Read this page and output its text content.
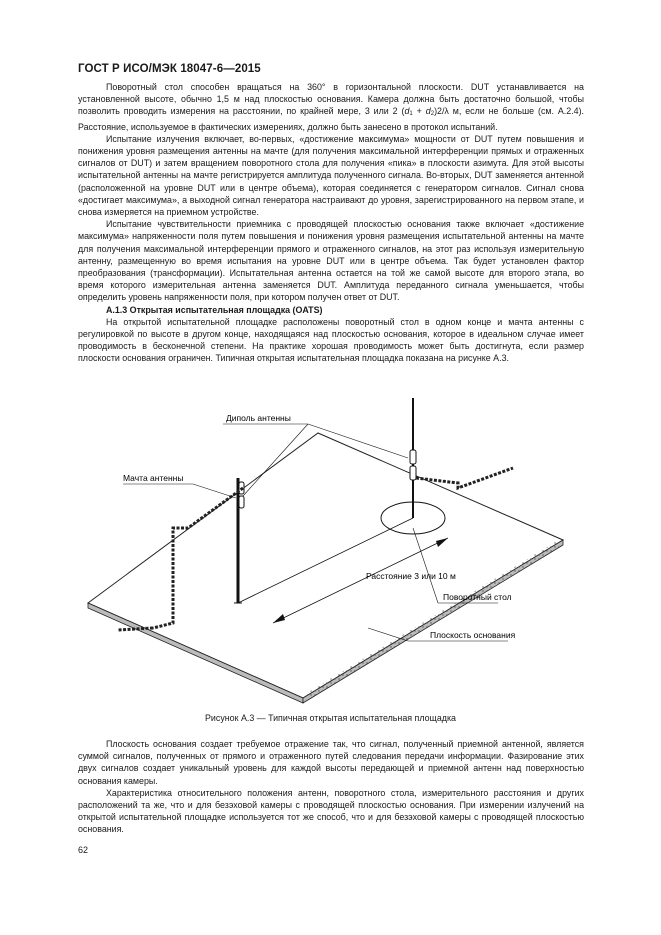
ГОСТ Р ИСО/МЭК 18047-6—2015

Поворотный стол способен вращаться на 360° в горизонтальной плоскости. DUT устанавливается на установленной высоте, обычно 1,5 м над плоскостью основания. Камера должна быть достаточно большой, чтобы позволить проводить измерения на расстоянии, по крайней мере, 3 или 2 (d1 + d2)2/λ м, если не больше (см. А.2.4). Расстояние, используемое в фактических измерениях, должно быть занесено в протокол испытаний.

Испытание излучения включает, во-первых, «достижение максимума» мощности от DUT путем повышения и понижения уровня размещения антенны на мачте (для получения максимальной интерференции прямых и отраженных сигналов от DUT) и затем вращением поворотного стола для получения «пика» в плоскости азимута. Для этой высоты испытательной антенны на мачте регистрируется амплитуда полученного сигнала. Во-вторых, DUT заменяется антенной (расположенной на уровне DUT или в центре объема), которая соединяется с генератором сигналов. Сигнал снова «достигает максимума», а выходной сигнал генератора настраивают до уровня, зарегистрированного на первом этапе, и снова измеряется на приемном устройстве.

Испытание чувствительности приемника с проводящей плоскостью основания также включает «достижение максимума» напряженности поля путем повышения и понижения уровня размещения испытательной антенны на мачте для получения максимальной интерференции прямого и отраженного сигналов, на этот раз используя измерительную антенну, размещенную во время испытания на уровне DUT или в центре объема. Так будет установлен фактор преобразования (трансформации). Испытательная антенна остается на той же самой высоте для второго этапа, во время которого измерительная антенна заменяется DUT. Амплитуда переданного сигнала уменьшается, чтобы определить уровень напряженности поля, при котором получен ответ от DUT.

А.1.3 Открытая испытательная площадка (OATS)

На открытой испытательной площадке расположены поворотный стол в одном конце и мачта антенны с регулировкой по высоте в другом конце, находящаяся над плоскостью основания, которое в идеальном случае имеет проводимость в бесконечной степени. На практике хорошая проводимость может быть достигнута, если размер плоскости основания ограничен. Типичная открытая испытательная площадка показана на рисунке А.3.

Диполь антенны
Мачта антенны
Расстояние 3 или 10 м
Поворотный стол
Плоскость основания
Рисунок А.3 — Типичная открытая испытательная площадка

Плоскость основания создает требуемое отражение так, что сигнал, полученный приемной антенной, является суммой сигналов, полученных от прямого и отраженного путей следования передачи информации. Фазирование этих двух сигналов создает уникальный уровень для каждой высоты передающей и приемной антенн над поверхностью основания камеры.

Характеристика относительного положения антенн, поворотного стола, измерительного расстояния и других расположений та же, что и для безэховой камеры с проводящей плоскостью основания. При измерении излучений на открытой испытательной площадке используется тот же способ, что и для безэховой камеры с проводящей плоскостью основания.

62
